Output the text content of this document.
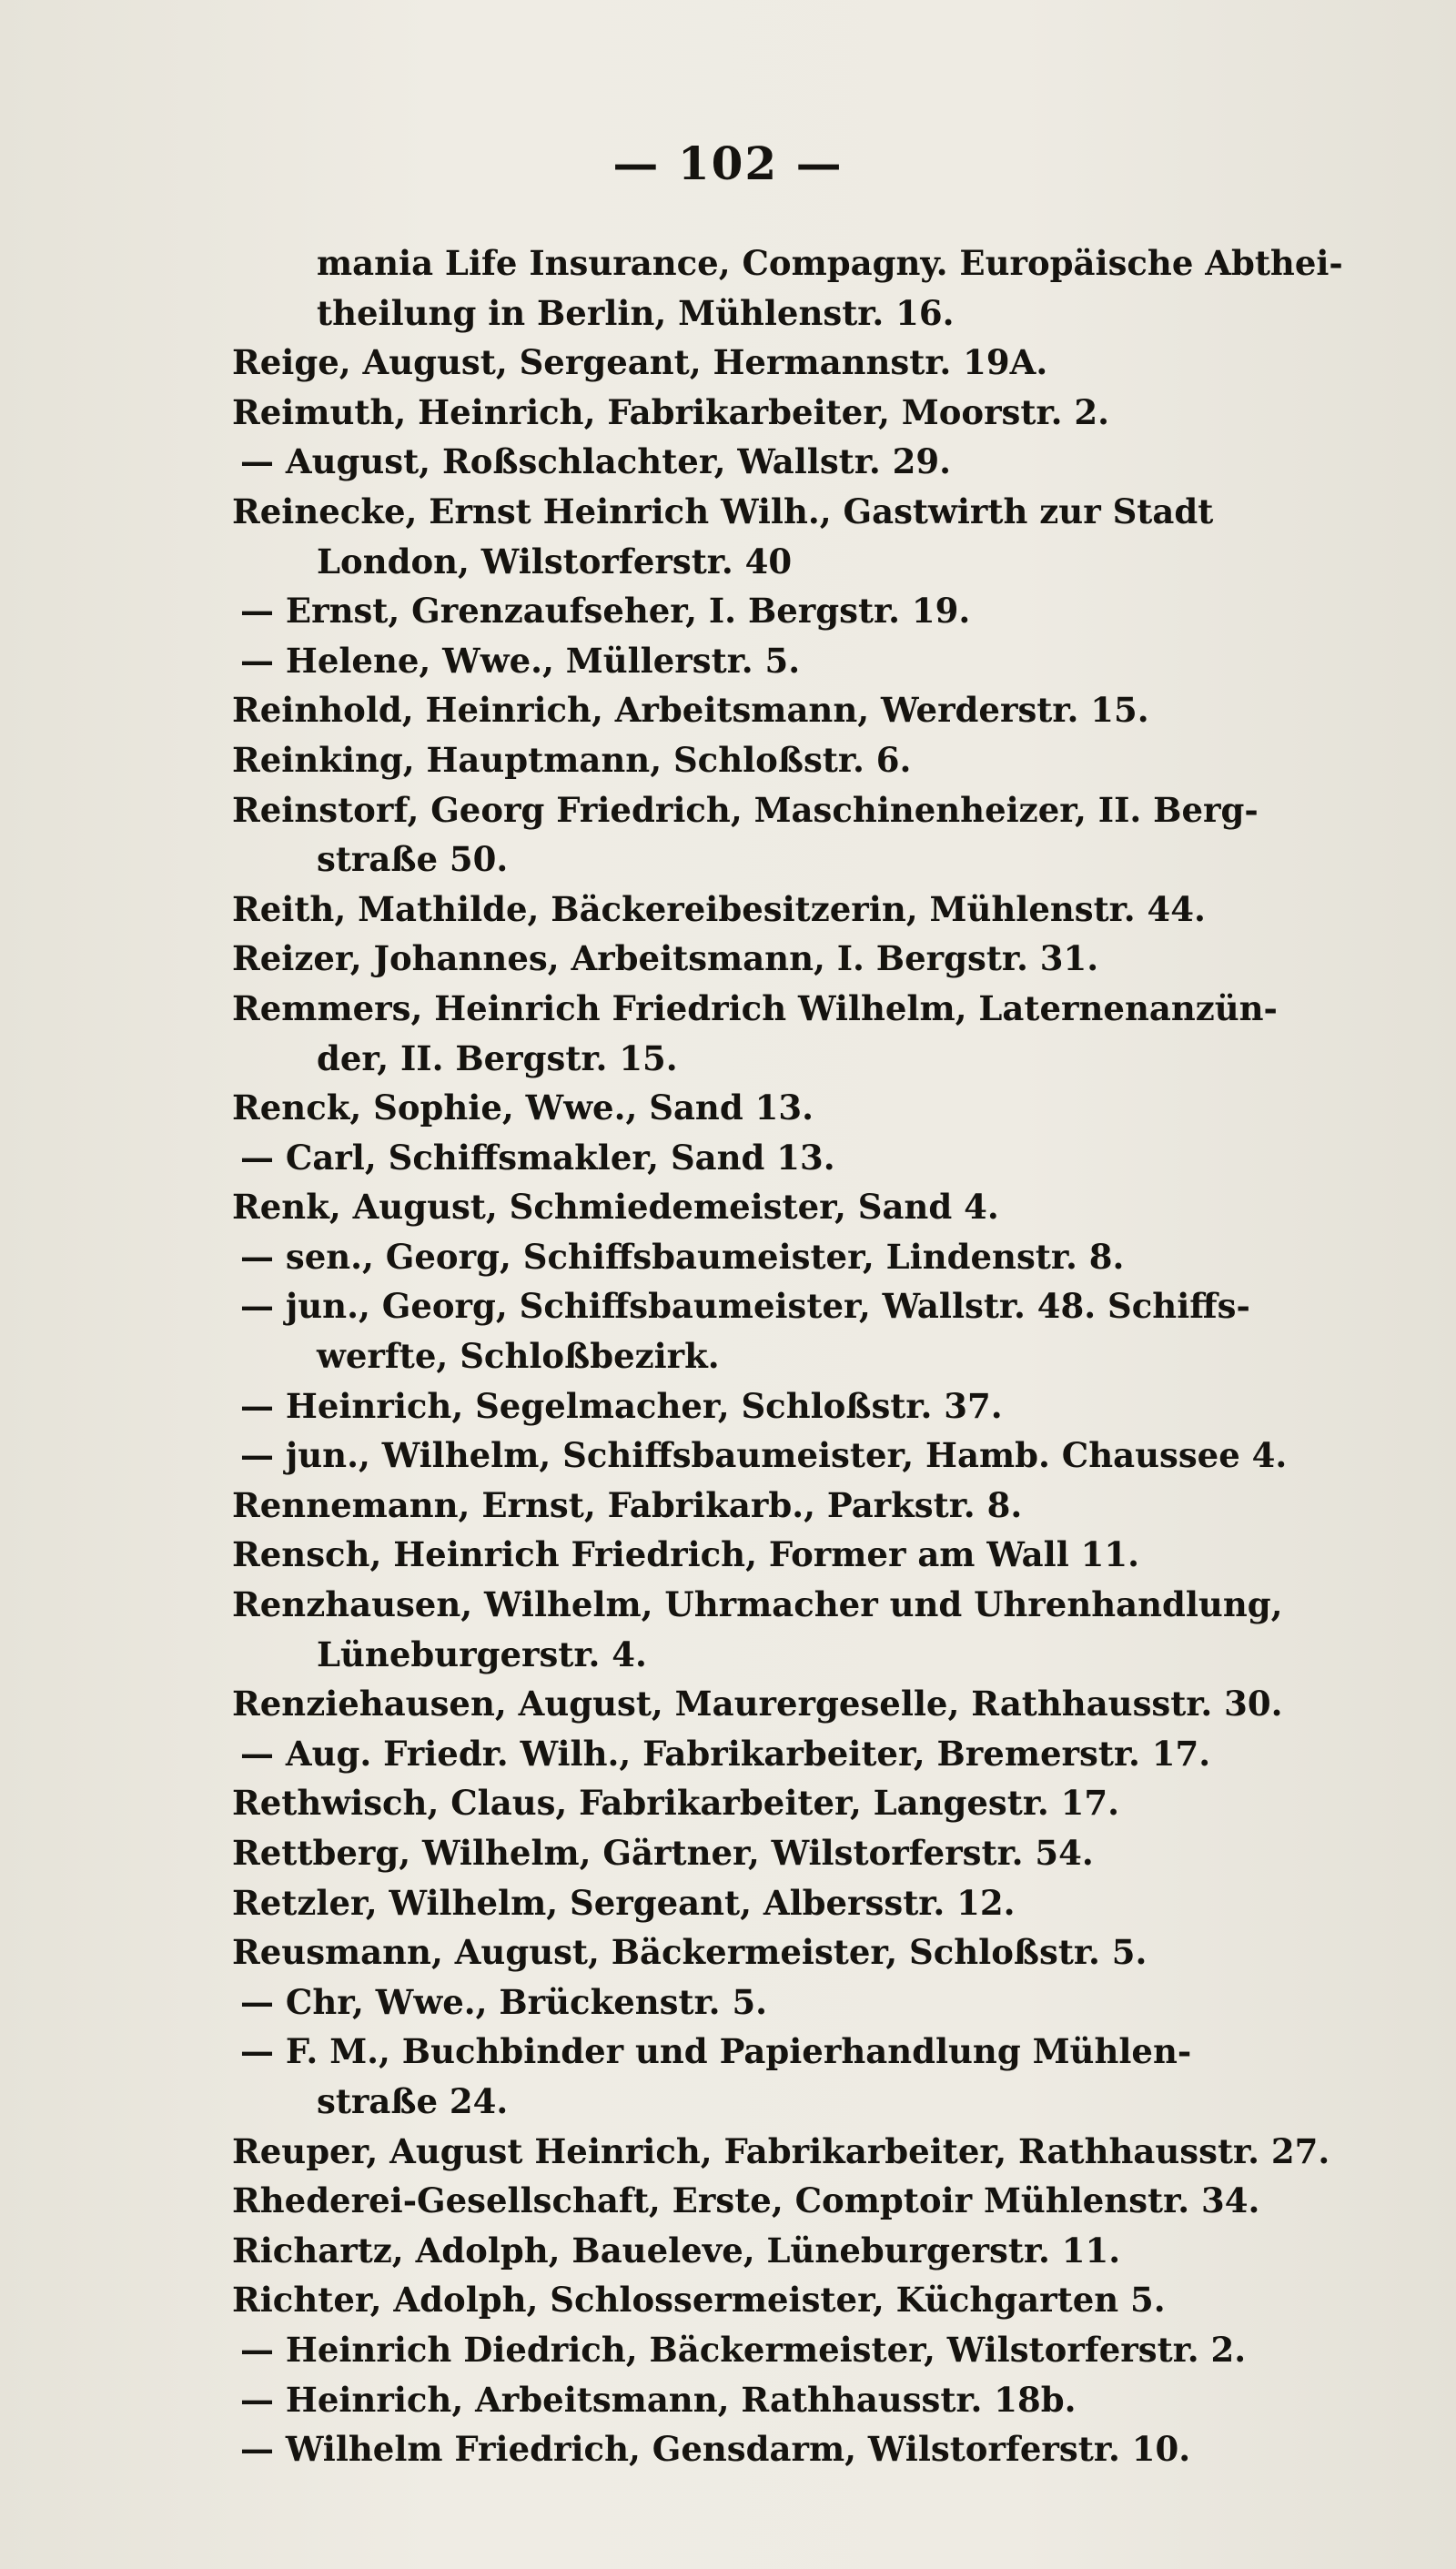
— 102 —
mania Life Insurance, Compagny. Europäische Abthei-
theilung in Berlin, Mühlenstr. 16.
Reige, August, Sergeant, Hermannstr. 19A.
Reimuth, Heinrich, Fabrikarbeiter, Moorstr. 2.
— August, Roßschlachter, Wallstr. 29.
Reinecke, Ernst Heinrich Wilh., Gastwirth zur Stadt
London, Wilstorferstr. 40
— Ernst, Grenzaufseher, I. Bergstr. 19.
— Helene, Wwe., Müllerstr. 5.
Reinhold, Heinrich, Arbeitsmann, Werderstr. 15.
Reinking, Hauptmann, Schloßstr. 6.
Reinstorf, Georg Friedrich, Maschinenheizer, II. Berg-
straße 50.
Reith, Mathilde, Bäckereibesitzerin, Mühlenstr. 44.
Reizer, Johannes, Arbeitsmann, I. Bergstr. 31.
Remmers, Heinrich Friedrich Wilhelm, Laternenanzün-
der, II. Bergstr. 15.
Renck, Sophie, Wwe., Sand 13.
— Carl, Schiffsmakler, Sand 13.
Renk, August, Schmiedemeister, Sand 4.
— sen., Georg, Schiffsbaumeister, Lindenstr. 8.
— jun., Georg, Schiffsbaumeister, Wallstr. 48. Schiffs-
werfte, Schloßbezirk.
— Heinrich, Segelmacher, Schloßstr. 37.
— jun., Wilhelm, Schiffsbaumeister, Hamb. Chaussee 4.
Rennemann, Ernst, Fabrikarb., Parkstr. 8.
Rensch, Heinrich Friedrich, Former am Wall 11.
Renzhausen, Wilhelm, Uhrmacher und Uhrenhandlung,
Lüneburgerstr. 4.
Renziehausen, August, Maurergeselle, Rathhausstr. 30.
— Aug. Friedr. Wilh., Fabrikarbeiter, Bremerstr. 17.
Rethwisch, Claus, Fabrikarbeiter, Langestr. 17.
Rettberg, Wilhelm, Gärtner, Wilstorferstr. 54.
Retzler, Wilhelm, Sergeant, Albersstr. 12.
Reusmann, August, Bäckermeister, Schloßstr. 5.
— Chr, Wwe., Brückenstr. 5.
— F. M., Buchbinder und Papierhandlung Mühlen-
straße 24.
Reuper, August Heinrich, Fabrikarbeiter, Rathhausstr. 27.
Rhederei-Gesellschaft, Erste, Comptoir Mühlenstr. 34.
Richartz, Adolph, Baueleve, Lüneburgerstr. 11.
Richter, Adolph, Schlossermeister, Küchgarten 5.
— Heinrich Diedrich, Bäckermeister, Wilstorferstr. 2.
— Heinrich, Arbeitsmann, Rathhausstr. 18b.
— Wilhelm Friedrich, Gensdarm, Wilstorferstr. 10.
